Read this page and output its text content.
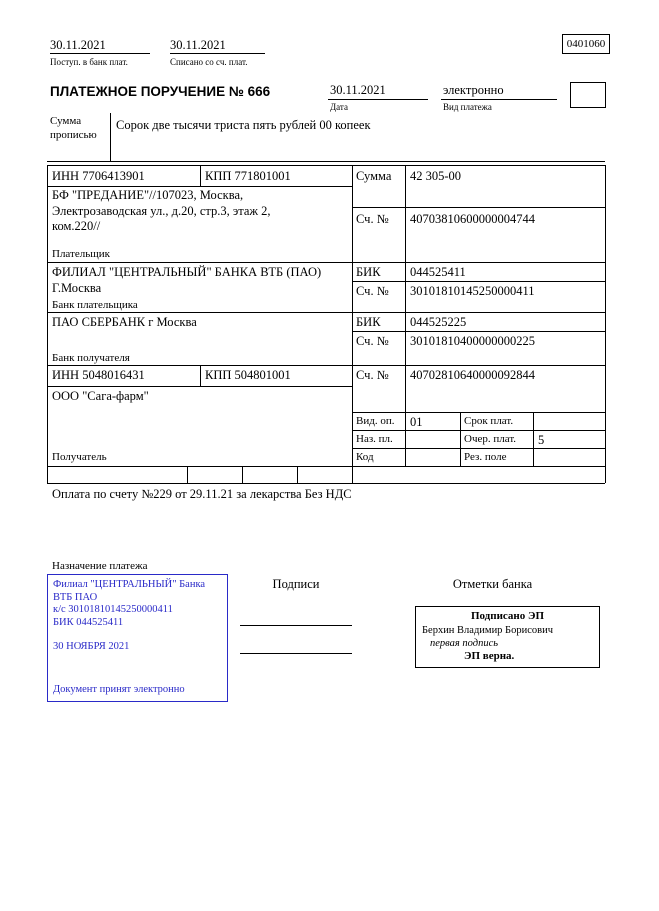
30.11.2021
Поступ. в банк плат.
30.11.2021
Списано со сч. плат.
0401060
ПЛАТЕЖНОЕ ПОРУЧЕНИЕ № 666	30.11.2021
Дата
электронно
Вид платежа
Сумма прописью
Сорок две тысячи триста пять рублей 00 копеек
ИНН 7706413901	КПП 771801001	Сумма 42 305-00
БФ "ПРЕДАНИЕ"//107023, Москва, Электрозаводская ул., д.20, стр.3, этаж 2, ком.220//
Сч. № 40703810600000004744
Плательщик
ФИЛИАЛ "ЦЕНТРАЛЬНЫЙ" БАНКА ВТБ (ПАО) Г.Москва
БИК 044525411
Сч. № 30101810145250000411
Банк плательщика
ПАО СБЕРБАНК г Москва	БИК 044525225
Сч. № 30101810400000000225
Банк получателя
ИНН 5048016431	КПП 504801001	Сч. № 40702810640000092844
ООО "Сага-фарм"
Вид. оп. 01	Срок плат.
Наз. пл.	Очер. плат. 5
Получатель	Код	Рез. поле
Оплата по счету №229 от 29.11.21 за лекарства Без НДС
Назначение платежа
Филиал "ЦЕНТРАЛЬНЫЙ" Банка
ВТБ ПАО
к/с 30101810145250000411
БИК 044525411
30 НОЯБРЯ 2021
Документ принят электронно
Подписи	Отметки банка
Подписано ЭП
Берхин Владимир Борисович
первая подпись
ЭП верна.
